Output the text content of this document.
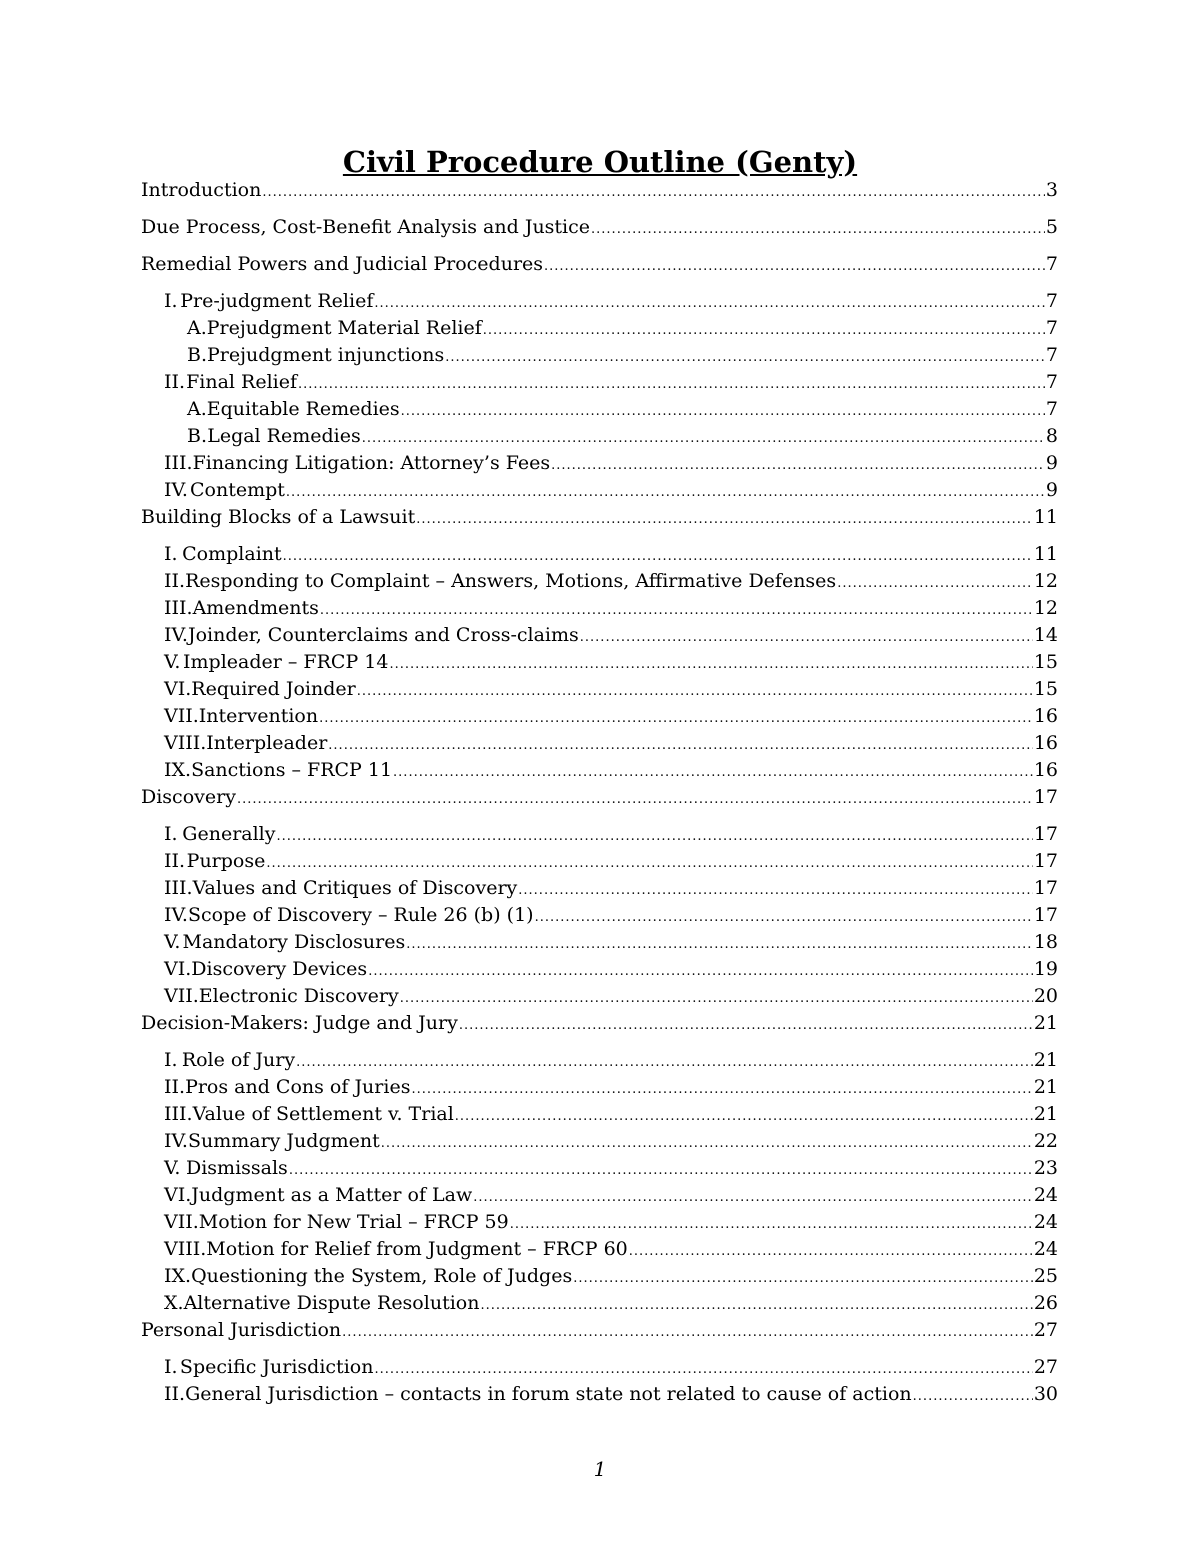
Civil Procedure Outline (Genty)
Introduction .....	3
Due Process, Cost-Benefit Analysis and Justice .....	5
Remedial Powers and Judicial Procedures .....	7
I. Pre-judgment Relief .....	7
A. Prejudgment Material Relief .....	7
B. Prejudgment injunctions .....	7
II. Final Relief .....	7
A. Equitable Remedies .....	7
B. Legal Remedies .....	8
III. Financing Litigation: Attorney’s Fees .....	9
IV. Contempt .....	9
Building Blocks of a Lawsuit .....	11
I. Complaint .....	11
II. Responding to Complaint – Answers, Motions, Affirmative Defenses .....	12
III. Amendments .....	12
IV. Joinder, Counterclaims and Cross-claims .....	14
V. Impleader – FRCP 14 .....	15
VI. Required Joinder .....	15
VII. Intervention .....	16
VIII. Interpleader .....	16
IX. Sanctions – FRCP 11 .....	16
Discovery .....	17
I. Generally .....	17
II. Purpose .....	17
III. Values and Critiques of Discovery .....	17
IV. Scope of Discovery – Rule 26 (b) (1) .....	17
V. Mandatory Disclosures .....	18
VI. Discovery Devices .....	19
VII. Electronic Discovery .....	20
Decision-Makers: Judge and Jury .....	21
I. Role of Jury .....	21
II. Pros and Cons of Juries .....	21
III. Value of Settlement v. Trial .....	21
IV. Summary Judgment .....	22
V. Dismissals .....	23
VI. Judgment as a Matter of Law .....	24
VII. Motion for New Trial – FRCP 59 .....	24
VIII. Motion for Relief from Judgment – FRCP 60 .....	24
IX. Questioning the System, Role of Judges .....	25
X. Alternative Dispute Resolution .....	26
Personal Jurisdiction .....	27
I. Specific Jurisdiction .....	27
II. General Jurisdiction – contacts in forum state not related to cause of action .....	30
1
